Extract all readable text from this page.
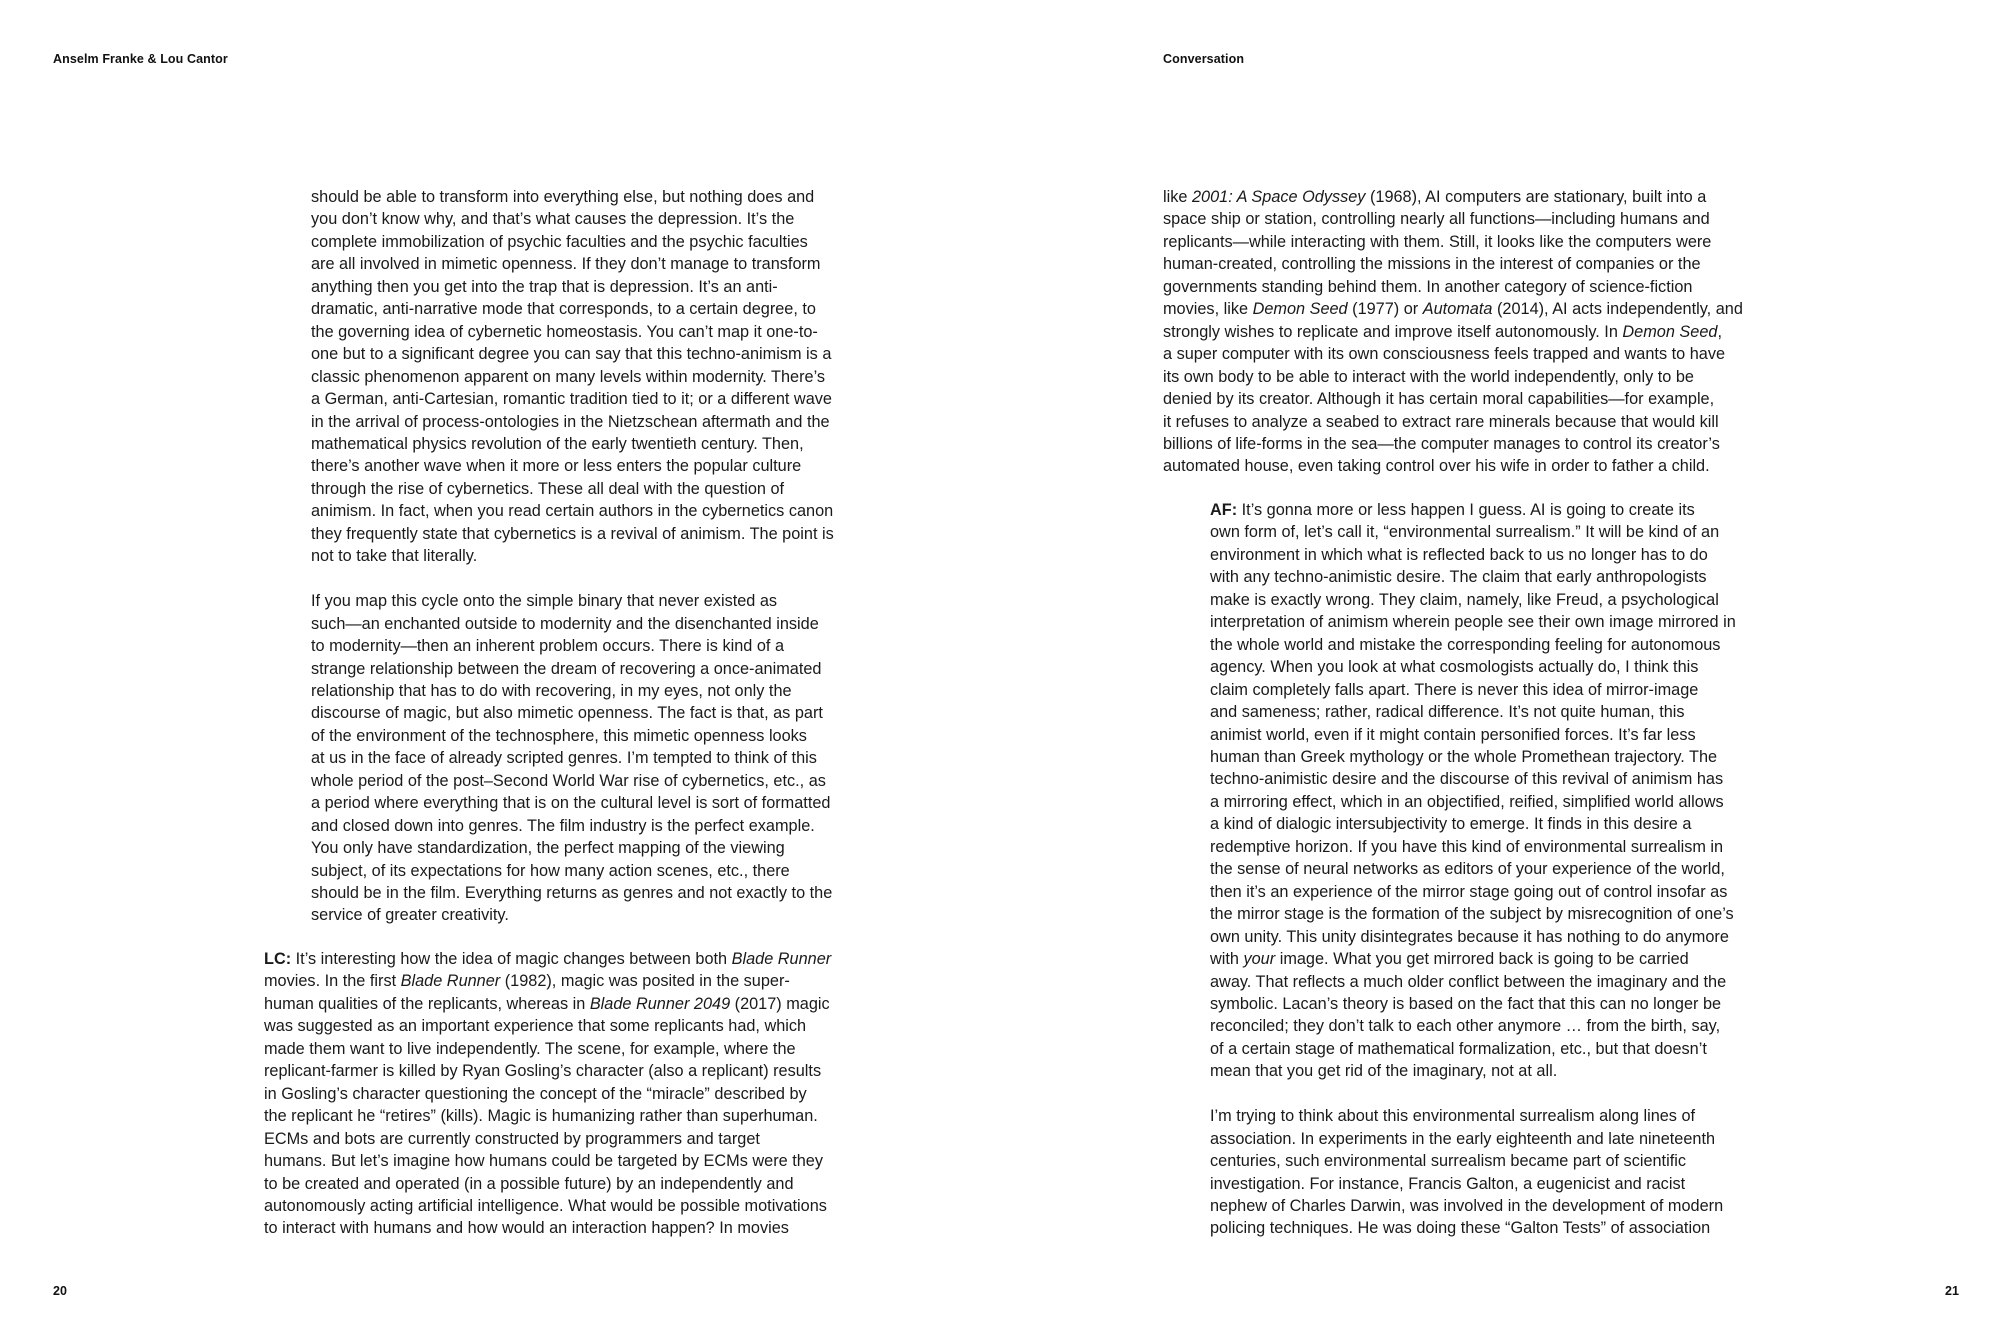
Anselm Franke & Lou Cantor	Conversation

should be able to transform into everything else, but nothing does and
you don’t know why, and that’s what causes the depression. It’s the
complete immobilization of psychic faculties and the psychic faculties
are all involved in mimetic openness. If they don’t manage to transform
anything then you get into the trap that is depression. It’s an anti-
dramatic, anti-narrative mode that corresponds, to a certain degree, to
the governing idea of cybernetic homeostasis. You can’t map it one-to-
one but to a significant degree you can say that this techno-animism is a
classic phenomenon apparent on many levels within modernity. There’s
a German, anti-Cartesian, romantic tradition tied to it; or a different wave
in the arrival of process-ontologies in the Nietzschean aftermath and the
mathematical physics revolution of the early twentieth century. Then,
there’s another wave when it more or less enters the popular culture
through the rise of cybernetics. These all deal with the question of
animism. In fact, when you read certain authors in the cybernetics canon
they frequently state that cybernetics is a revival of animism. The point is
not to take that literally.

If you map this cycle onto the simple binary that never existed as
such—an enchanted outside to modernity and the disenchanted inside
to modernity—then an inherent problem occurs. There is kind of a
strange relationship between the dream of recovering a once-animated
relationship that has to do with recovering, in my eyes, not only the
discourse of magic, but also mimetic openness. The fact is that, as part
of the environment of the technosphere, this mimetic openness looks
at us in the face of already scripted genres. I’m tempted to think of this
whole period of the post–Second World War rise of cybernetics, etc., as
a period where everything that is on the cultural level is sort of formatted
and closed down into genres. The film industry is the perfect example.
You only have standardization, the perfect mapping of the viewing
subject, of its expectations for how many action scenes, etc., there
should be in the film. Everything returns as genres and not exactly to the
service of greater creativity.

LC: It’s interesting how the idea of magic changes between both Blade Runner
movies. In the first Blade Runner (1982), magic was posited in the super-
human qualities of the replicants, whereas in Blade Runner 2049 (2017) magic
was suggested as an important experience that some replicants had, which
made them want to live independently. The scene, for example, where the
replicant-farmer is killed by Ryan Gosling’s character (also a replicant) results
in Gosling’s character questioning the concept of the “miracle” described by
the replicant he “retires” (kills). Magic is humanizing rather than superhuman.
ECMs and bots are currently constructed by programmers and target
humans. But let’s imagine how humans could be targeted by ECMs were they
to be created and operated (in a possible future) by an independently and
autonomously acting artificial intelligence. What would be possible motivations
to interact with humans and how would an interaction happen? In movies
like 2001: A Space Odyssey (1968), AI computers are stationary, built into a
space ship or station, controlling nearly all functions—including humans and
replicants—while interacting with them. Still, it looks like the computers were
human-created, controlling the missions in the interest of companies or the
governments standing behind them. In another category of science-fiction
movies, like Demon Seed (1977) or Automata (2014), AI acts independently, and
strongly wishes to replicate and improve itself autonomously. In Demon Seed,
a super computer with its own consciousness feels trapped and wants to have
its own body to be able to interact with the world independently, only to be
denied by its creator. Although it has certain moral capabilities—for example,
it refuses to analyze a seabed to extract rare minerals because that would kill
billions of life-forms in the sea—the computer manages to control its creator’s
automated house, even taking control over his wife in order to father a child.
AF: It’s gonna more or less happen I guess. AI is going to create its
own form of, let’s call it, “environmental surrealism.” It will be kind of an
environment in which what is reflected back to us no longer has to do
with any techno-animistic desire. The claim that early anthropologists
make is exactly wrong. They claim, namely, like Freud, a psychological
interpretation of animism wherein people see their own image mirrored in
the whole world and mistake the corresponding feeling for autonomous
agency. When you look at what cosmologists actually do, I think this
claim completely falls apart. There is never this idea of mirror-image
and sameness; rather, radical difference. It’s not quite human, this
animist world, even if it might contain personified forces. It’s far less
human than Greek mythology or the whole Promethean trajectory. The
techno-animistic desire and the discourse of this revival of animism has
a mirroring effect, which in an objectified, reified, simplified world allows
a kind of dialogic intersubjectivity to emerge. It finds in this desire a
redemptive horizon. If you have this kind of environmental surrealism in
the sense of neural networks as editors of your experience of the world,
then it’s an experience of the mirror stage going out of control insofar as
the mirror stage is the formation of the subject by misrecognition of one’s
own unity. This unity disintegrates because it has nothing to do anymore
with your image. What you get mirrored back is going to be carried
away. That reflects a much older conflict between the imaginary and the
symbolic. Lacan’s theory is based on the fact that this can no longer be
reconciled; they don’t talk to each other anymore … from the birth, say,
of a certain stage of mathematical formalization, etc., but that doesn’t
mean that you get rid of the imaginary, not at all.
I’m trying to think about this environmental surrealism along lines of
association. In experiments in the early eighteenth and late nineteenth
centuries, such environmental surrealism became part of scientific
investigation. For instance, Francis Galton, a eugenicist and racist
nephew of Charles Darwin, was involved in the development of modern
policing techniques. He was doing these “Galton Tests” of association
20	21
